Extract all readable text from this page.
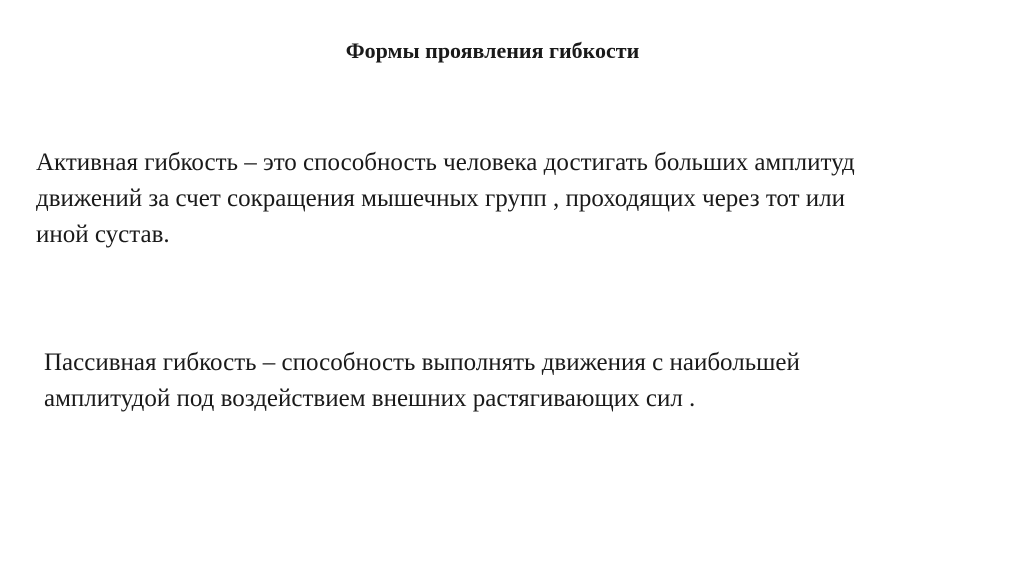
Формы проявления гибкости

Активная гибкость – это способность человека достигать больших амплитуд
движений за счет сокращения мышечных групп , проходящих через тот или
иной сустав.

Пассивная гибкость – способность выполнять движения с наибольшей
амплитудой под воздействием внешних растягивающих сил .
